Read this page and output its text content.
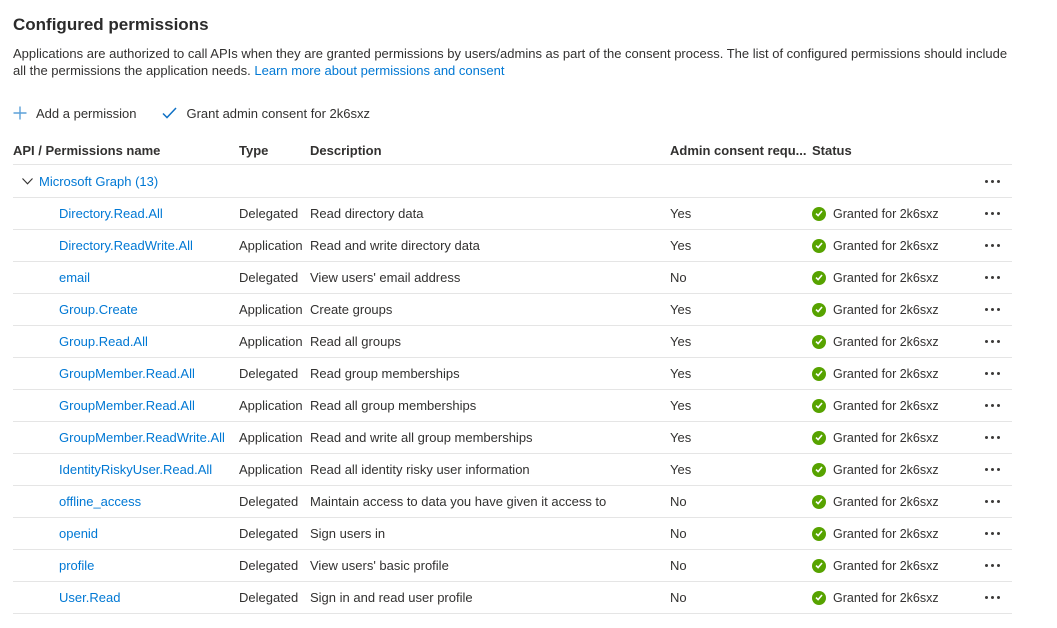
Configured permissions

Applications are authorized to call APIs when they are granted permissions by users/admins as part of the consent process. The list of configured permissions should include all the permissions the application needs. Learn more about permissions and consent

Add a permission	Grant admin consent for 2k6sxz
API / Permissions name	Type	Description	Admin consent requ... Status
Microsoft Graph (13)
Directory.Read.All	Delegated Read directory data	Yes	Granted for 2k6sxz
Directory.ReadWrite.All	Application Read and write directory data	Yes	Granted for 2k6sxz
email	Delegated View users' email address	No	Granted for 2k6sxz
Group.Create	Application Create groups	Yes	Granted for 2k6sxz
Group.Read.All	Application Read all groups	Yes	Granted for 2k6sxz
GroupMember.Read.All	Delegated Read group memberships	Yes	Granted for 2k6sxz
GroupMember.Read.All	Application Read all group memberships	Yes	Granted for 2k6sxz
GroupMember.ReadWrite.All	Application Read and write all group memberships	Yes	Granted for 2k6sxz
IdentityRiskyUser.Read.All	Application Read all identity risky user information	Yes	Granted for 2k6sxz
offline_access	Delegated Maintain access to data you have given it access to	No	Granted for 2k6sxz
openid	Delegated Sign users in	No	Granted for 2k6sxz
profile	Delegated View users' basic profile	No	Granted for 2k6sxz
User.Read	Delegated Sign in and read user profile	No	Granted for 2k6sxz
